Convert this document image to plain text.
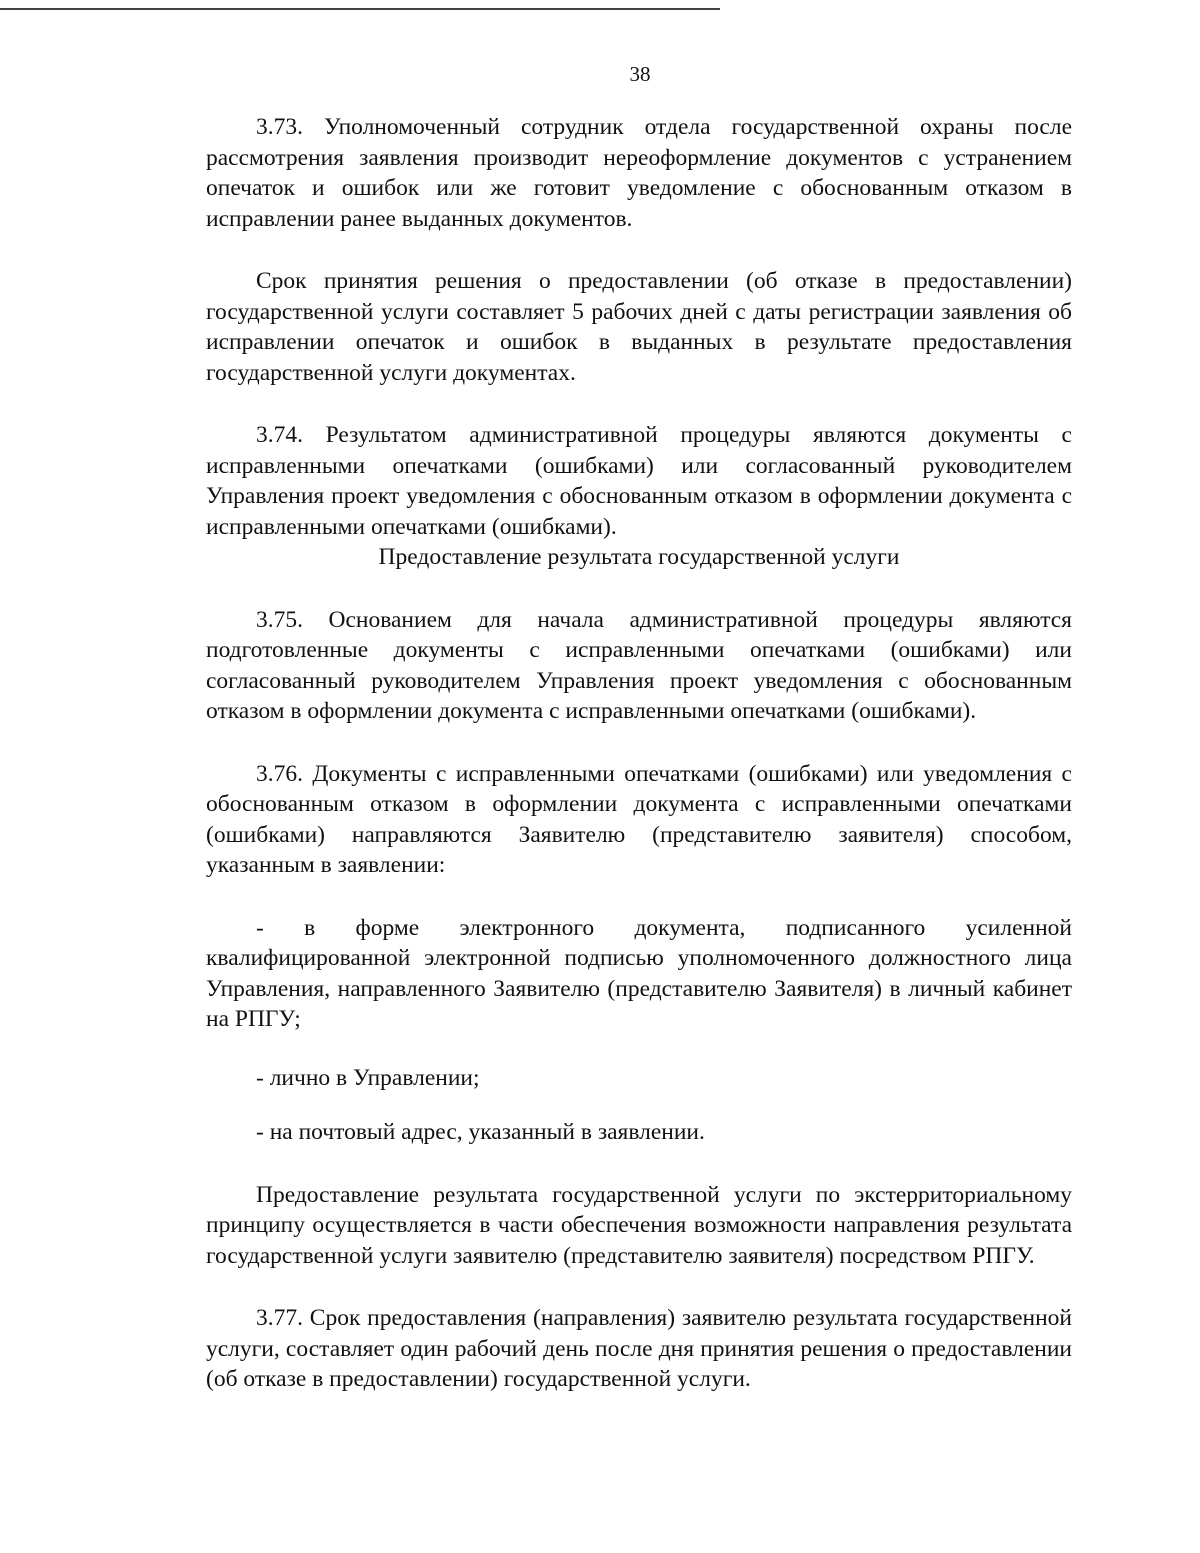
38

3.73. Уполномоченный сотрудник отдела государственной охраны после рассмотрения заявления производит нереоформление документов с устранением опечаток и ошибок или же готовит уведомление с обоснованным отказом в исправлении ранее выданных документов.

Срок принятия решения о предоставлении (об отказе в предоставлении) государственной услуги составляет 5 рабочих дней с даты регистрации заявления об исправлении опечаток и ошибок в выданных в результате предоставления государственной услуги документах.

3.74. Результатом административной процедуры являются документы с исправленными опечатками (ошибками) или согласованный руководителем Управления проект уведомления с обоснованным отказом в оформлении документа с исправленными опечатками (ошибками).

Предоставление результата государственной услуги

3.75. Основанием для начала административной процедуры являются подготовленные документы с исправленными опечатками (ошибками) или согласованный руководителем Управления проект уведомления с обоснованным отказом в оформлении документа с исправленными опечатками (ошибками).

3.76. Документы с исправленными опечатками (ошибками) или уведомления с обоснованным отказом в оформлении документа с исправленными опечатками (ошибками) направляются Заявителю (представителю заявителя) способом, указанным в заявлении:

- в форме электронного документа, подписанного усиленной квалифицированной электронной подписью уполномоченного должностного лица Управления, направленного Заявителю (представителю Заявителя) в личный кабинет на РПГУ;

- лично в Управлении;

- на почтовый адрес, указанный в заявлении.

Предоставление результата государственной услуги по экстерриториальному принципу осуществляется в части обеспечения возможности направления результата государственной услуги заявителю (представителю заявителя) посредством РПГУ.

3.77. Срок предоставления (направления) заявителю результата государственной услуги, составляет один рабочий день после дня принятия решения о предоставлении (об отказе в предоставлении) государственной услуги.
